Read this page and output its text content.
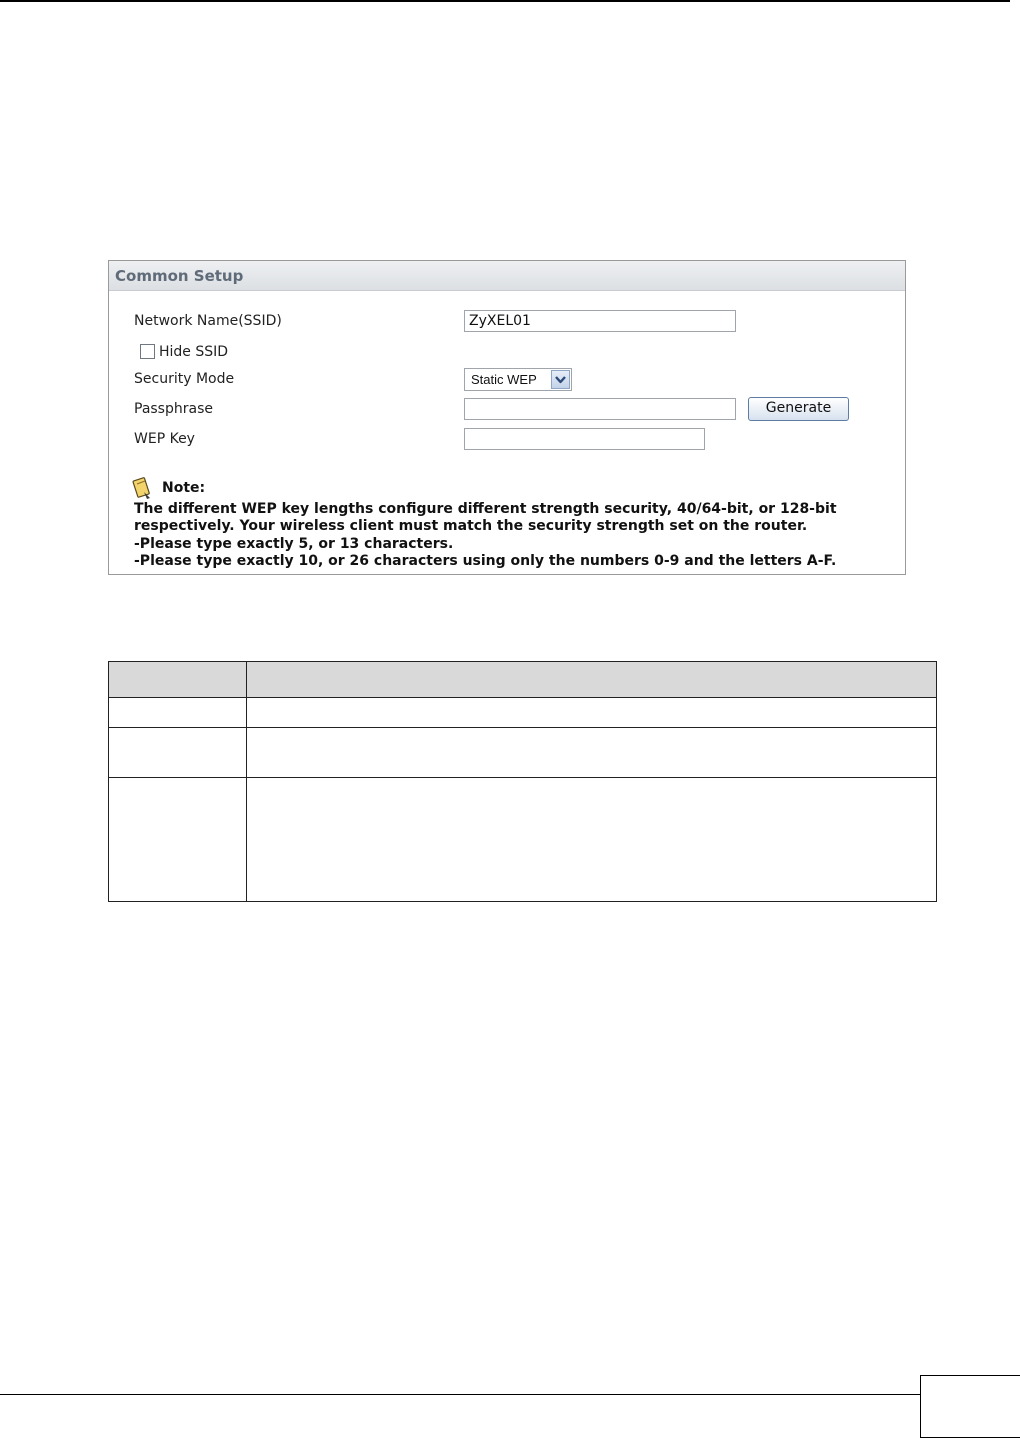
Common Setup
Network Name(SSID)
ZyXEL01
Hide SSID
Security Mode	Static WEP
Passphrase	Generate
WEP Key
Note:
The different WEP key lengths configure different strength security, 40/64-bit, or 128-bit
respectively. Your wireless client must match the security strength set on the router.
-Please type exactly 5, or 13 characters.
-Please type exactly 10, or 26 characters using only the numbers 0-9 and the letters A-F.
